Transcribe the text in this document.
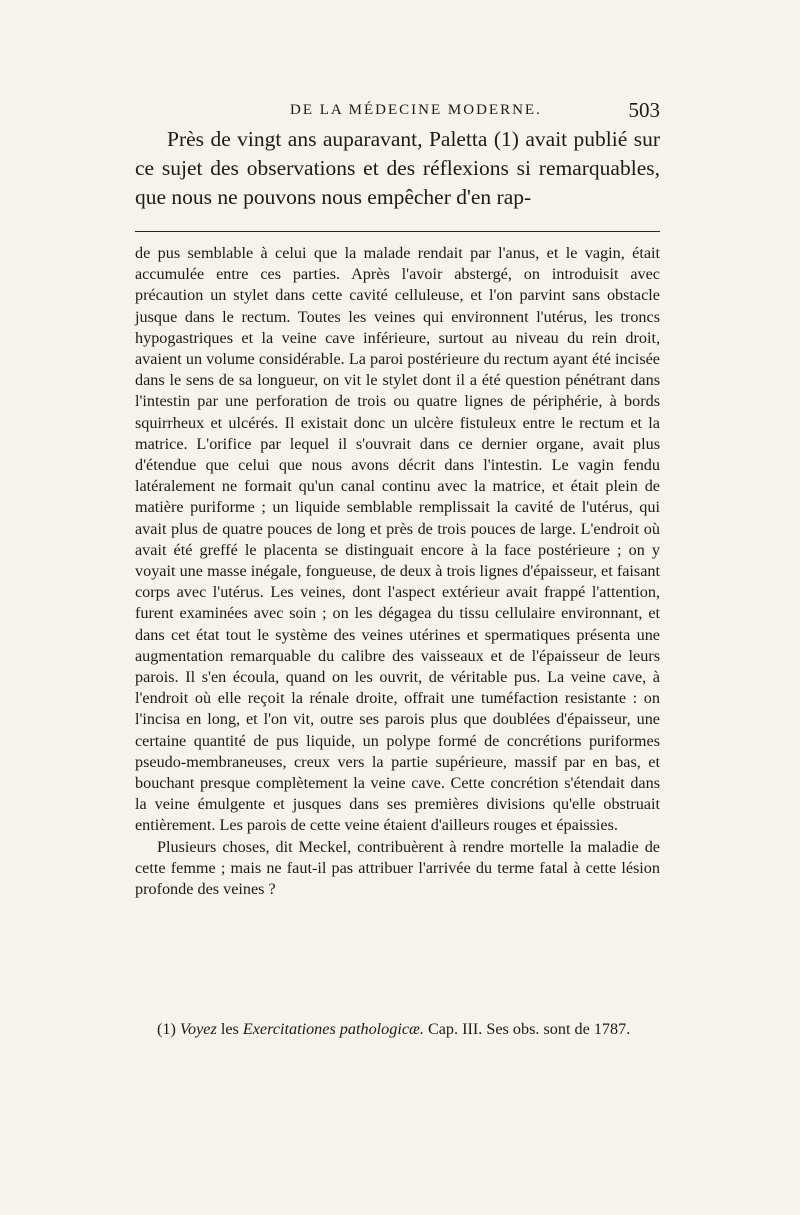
DE LA MÉDECINE MODERNE.	503

Près de vingt ans auparavant, Paletta (1) avait publié sur ce sujet des observations et des réflexions si remarquables, que nous ne pouvons nous empêcher d'en rap-

de pus semblable à celui que la malade rendait par l'anus, et le vagin, était accumulée entre ces parties. Après l'avoir abstergé, on introduisit avec précaution un stylet dans cette cavité celluleuse, et l'on parvint sans obstacle jusque dans le rectum. Toutes les veines qui environnent l'utérus, les troncs hypogastriques et la veine cave inférieure, surtout au niveau du rein droit, avaient un volume considérable. La paroi postérieure du rectum ayant été incisée dans le sens de sa longueur, on vit le stylet dont il a été question pénétrant dans l'intestin par une perforation de trois ou quatre lignes de périphérie, à bords squirrheux et ulcérés. Il existait donc un ulcère fistuleux entre le rectum et la matrice. L'orifice par lequel il s'ouvrait dans ce dernier organe, avait plus d'étendue que celui que nous avons décrit dans l'intestin. Le vagin fendu latéralement ne formait qu'un canal continu avec la matrice, et était plein de matière puriforme ; un liquide semblable remplissait la cavité de l'utérus, qui avait plus de quatre pouces de long et près de trois pouces de large. L'endroit où avait été greffé le placenta se distinguait encore à la face postérieure ; on y voyait une masse inégale, fongueuse, de deux à trois lignes d'épaisseur, et faisant corps avec l'utérus. Les veines, dont l'aspect extérieur avait frappé l'attention, furent examinées avec soin ; on les dégagea du tissu cellulaire environnant, et dans cet état tout le système des veines utérines et spermatiques présenta une augmentation remarquable du calibre des vaisseaux et de l'épaisseur de leurs parois. Il s'en écoula, quand on les ouvrit, de véritable pus. La veine cave, à l'endroit où elle reçoit la rénale droite, offrait une tuméfaction resistante : on l'incisa en long, et l'on vit, outre ses parois plus que doublées d'épaisseur, une certaine quantité de pus liquide, un polype formé de concrétions puriformes pseudo-membraneuses, creux vers la partie supérieure, massif par en bas, et bouchant presque complètement la veine cave. Cette concrétion s'étendait dans la veine émulgente et jusques dans ses premières divisions qu'elle obstruait entièrement. Les parois de cette veine étaient d'ailleurs rouges et épaissies.

Plusieurs choses, dit Meckel, contribuèrent à rendre mortelle la maladie de cette femme ; mais ne faut-il pas attribuer l'arrivée du terme fatal à cette lésion profonde des veines ?

(1) Voyez les Exercitationes pathologicæ. Cap. III. Ses obs. sont de 1787.
